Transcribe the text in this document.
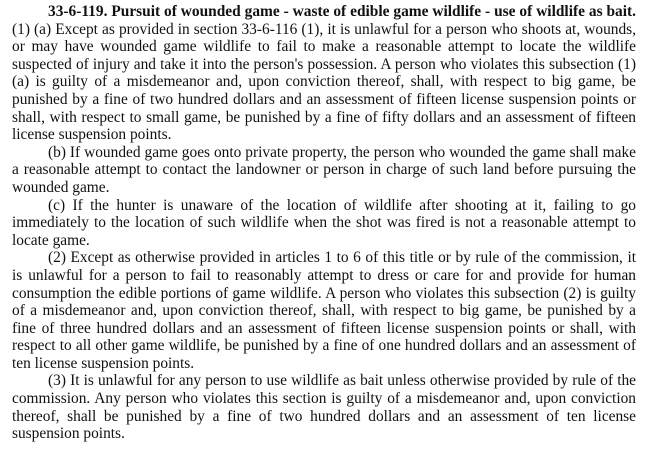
33-6-119. Pursuit of wounded game - waste of edible game wildlife - use of wildlife as bait. (1) (a) Except as provided in section 33-6-116 (1), it is unlawful for a person who shoots at, wounds, or may have wounded game wildlife to fail to make a reasonable attempt to locate the wildlife suspected of injury and take it into the person's possession. A person who violates this subsection (1)(a) is guilty of a misdemeanor and, upon conviction thereof, shall, with respect to big game, be punished by a fine of two hundred dollars and an assessment of fifteen license suspension points or shall, with respect to small game, be punished by a fine of fifty dollars and an assessment of fifteen license suspension points.

(b) If wounded game goes onto private property, the person who wounded the game shall make a reasonable attempt to contact the landowner or person in charge of such land before pursuing the wounded game.

(c) If the hunter is unaware of the location of wildlife after shooting at it, failing to go immediately to the location of such wildlife when the shot was fired is not a reasonable attempt to locate game.

(2) Except as otherwise provided in articles 1 to 6 of this title or by rule of the commission, it is unlawful for a person to fail to reasonably attempt to dress or care for and provide for human consumption the edible portions of game wildlife. A person who violates this subsection (2) is guilty of a misdemeanor and, upon conviction thereof, shall, with respect to big game, be punished by a fine of three hundred dollars and an assessment of fifteen license suspension points or shall, with respect to all other game wildlife, be punished by a fine of one hundred dollars and an assessment of ten license suspension points.

(3) It is unlawful for any person to use wildlife as bait unless otherwise provided by rule of the commission. Any person who violates this section is guilty of a misdemeanor and, upon conviction thereof, shall be punished by a fine of two hundred dollars and an assessment of ten license suspension points.
